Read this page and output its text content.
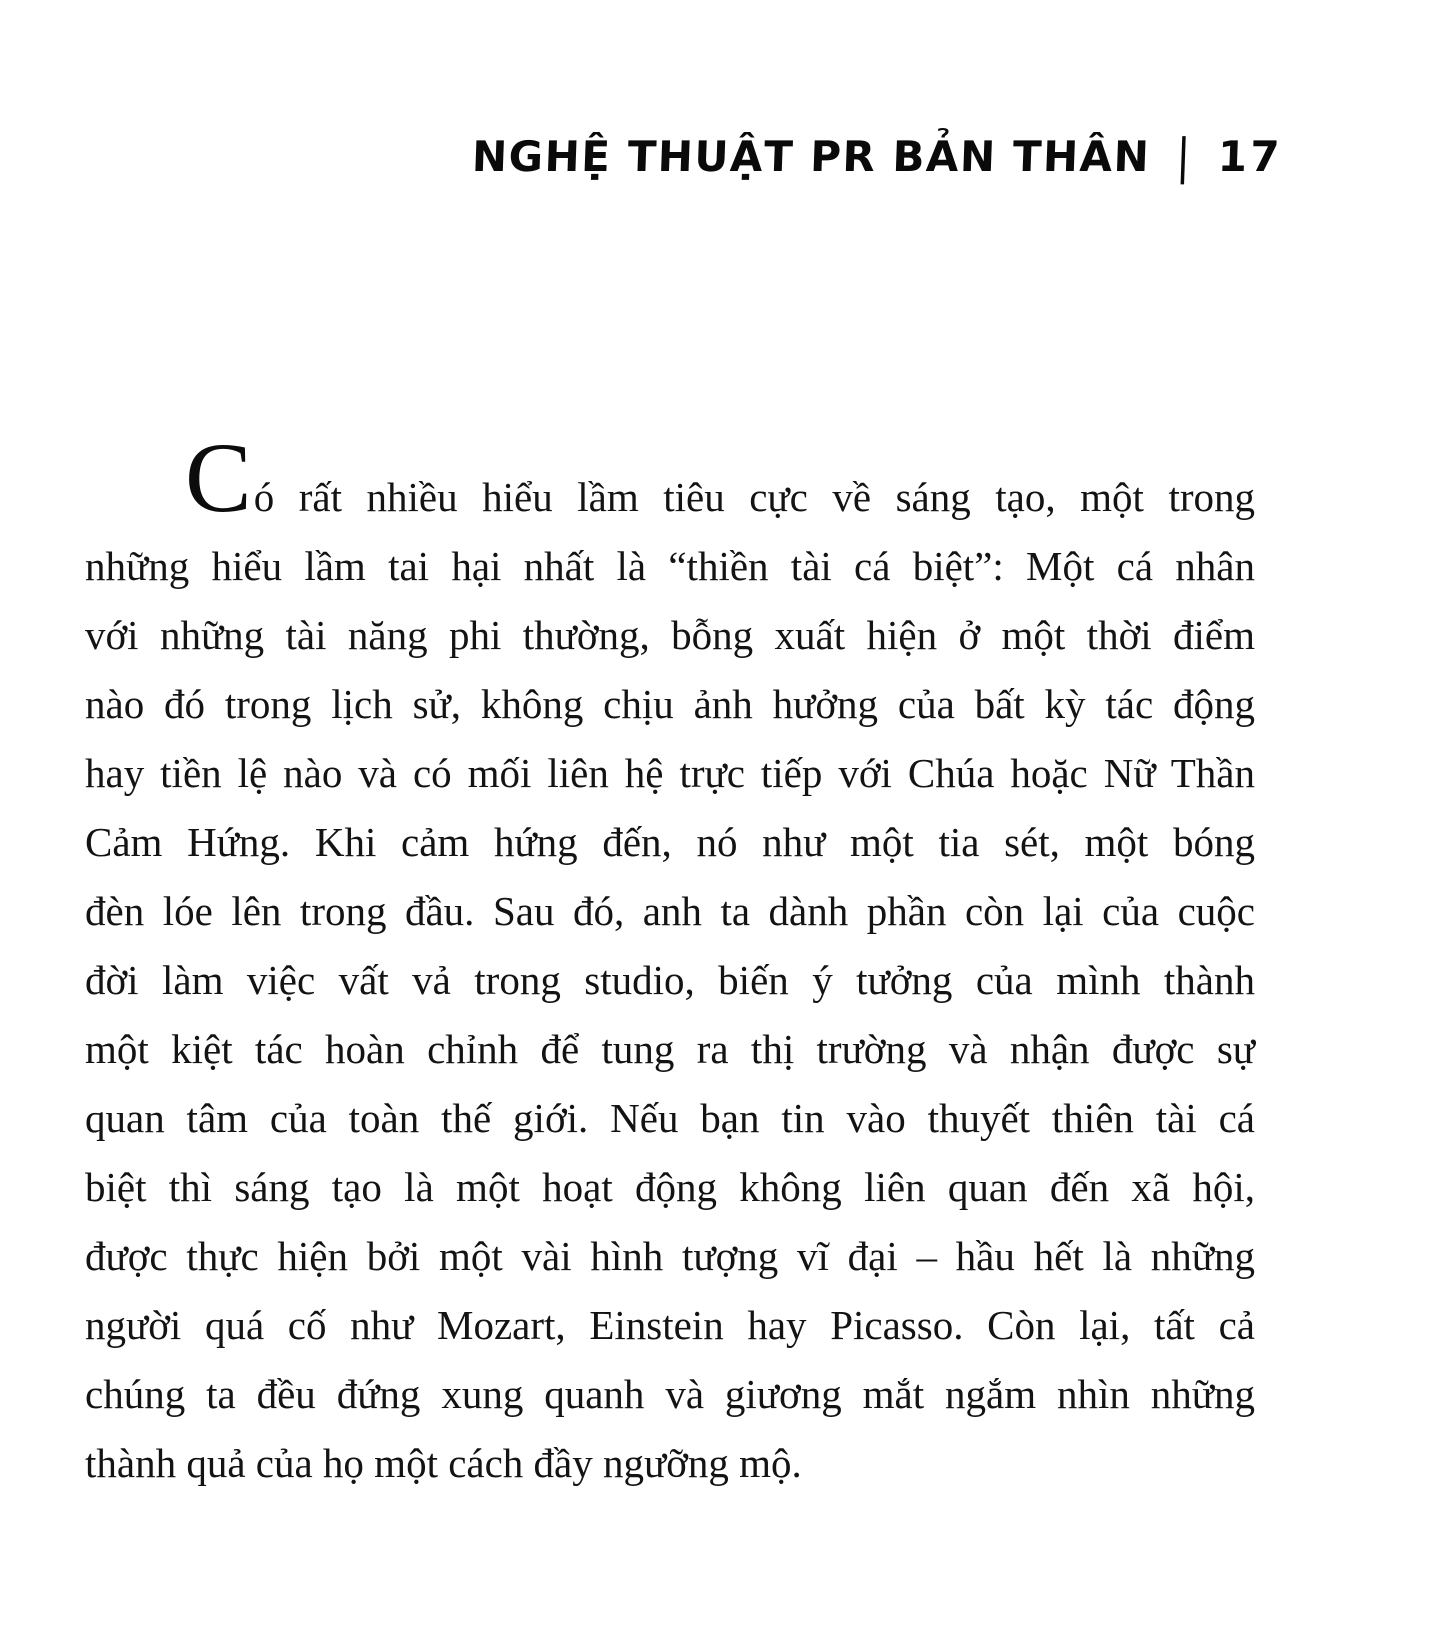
NGHỆ THUẬT PR BẢN THÂN | 17
Có rất nhiều hiểu lầm tiêu cực về sáng tạo, một trong
những hiểu lầm tai hại nhất là “thiền tài cá biệt”: Một cá nhân
với những tài năng phi thường, bỗng xuất hiện ở một thời điểm
nào đó trong lịch sử, không chịu ảnh hưởng của bất kỳ tác động
hay tiền lệ nào và có mối liên hệ trực tiếp với Chúa hoặc Nữ Thần
Cảm Hứng. Khi cảm hứng đến, nó như một tia sét, một bóng
đèn lóe lên trong đầu. Sau đó, anh ta dành phần còn lại của cuộc
đời làm việc vất vả trong studio, biến ý tưởng của mình thành
một kiệt tác hoàn chỉnh để tung ra thị trường và nhận được sự
quan tâm của toàn thế giới. Nếu bạn tin vào thuyết thiên tài cá
biệt thì sáng tạo là một hoạt động không liên quan đến xã hội,
được thực hiện bởi một vài hình tượng vĩ đại – hầu hết là những
người quá cố như Mozart, Einstein hay Picasso. Còn lại, tất cả
chúng ta đều đứng xung quanh và giương mắt ngắm nhìn những
thành quả của họ một cách đầy ngưỡng mộ.
